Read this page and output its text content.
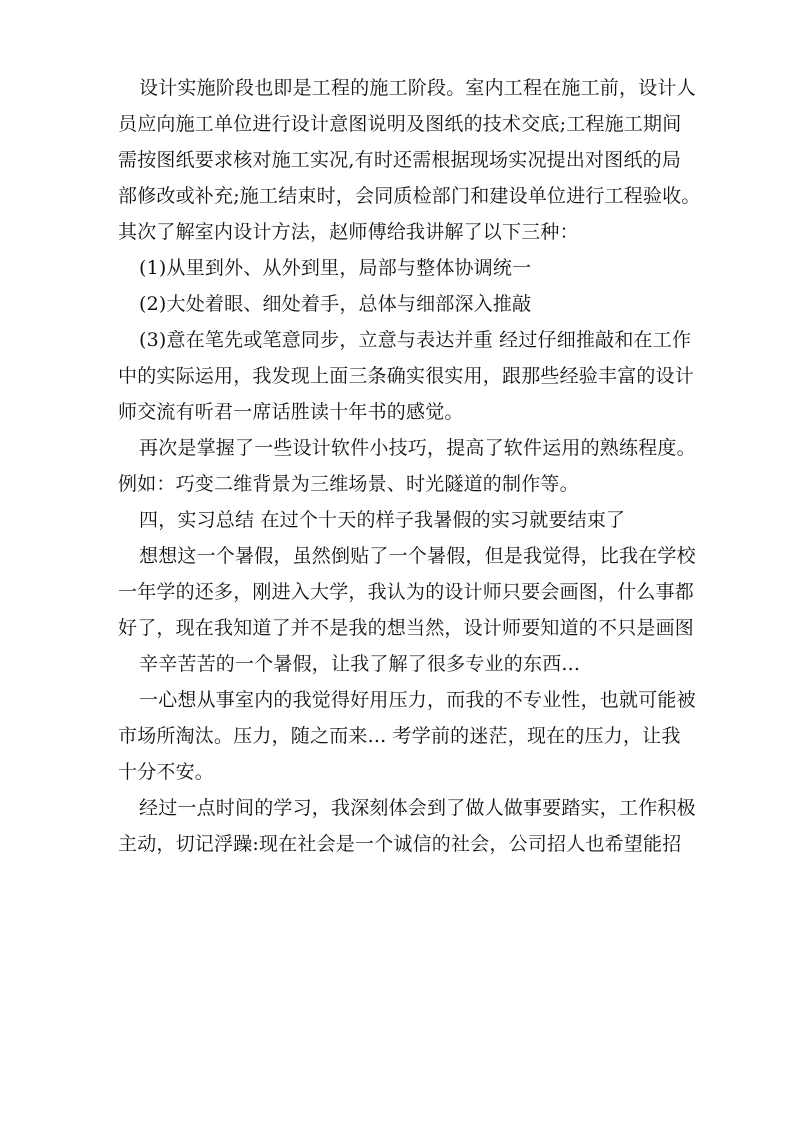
设计实施阶段也即是工程的施工阶段。室内工程在施工前，设计人
员应向施工单位进行设计意图说明及图纸的技术交底;工程施工期间
需按图纸要求核对施工实况,有时还需根据现场实况提出对图纸的局
部修改或补充;施工结束时，会同质检部门和建设单位进行工程验收。
其次了解室内设计方法，赵师傅给我讲解了以下三种：
(1)从里到外、从外到里，局部与整体协调统一
(2)大处着眼、细处着手，总体与细部深入推敲
(3)意在笔先或笔意同步，立意与表达并重 经过仔细推敲和在工作
中的实际运用，我发现上面三条确实很实用，跟那些经验丰富的设计
师交流有听君一席话胜读十年书的感觉。
再次是掌握了一些设计软件小技巧，提高了软件运用的熟练程度。
例如：巧变二维背景为三维场景、时光隧道的制作等。
四，实习总结 在过个十天的样子我暑假的实习就要结束了
想想这一个暑假，虽然倒贴了一个暑假，但是我觉得，比我在学校
一年学的还多，刚进入大学，我认为的设计师只要会画图，什么事都
好了，现在我知道了并不是我的想当然，设计师要知道的不只是画图
辛辛苦苦的一个暑假，让我了解了很多专业的东西...
一心想从事室内的我觉得好用压力，而我的不专业性，也就可能被
市场所淘汰。压力，随之而来... 考学前的迷茫，现在的压力，让我
十分不安。
经过一点时间的学习，我深刻体会到了做人做事要踏实，工作积极
主动，切记浮躁:现在社会是一个诚信的社会，公司招人也希望能招
